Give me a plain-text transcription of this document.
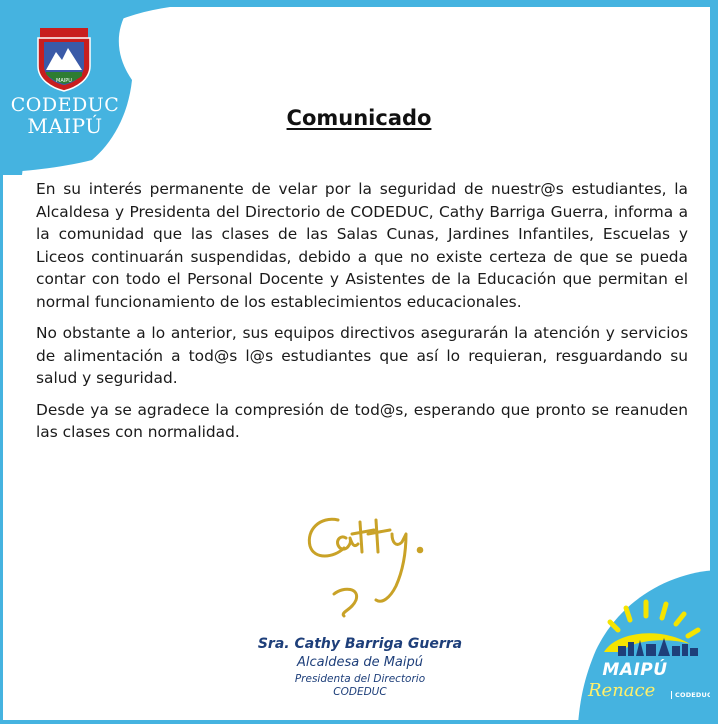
MAIPU
CODEDUC
MAIPÚ	Comunicado

En su interés permanente de velar por la seguridad de nuestr@s estudiantes, la Alcaldesa y Presidenta del Directorio de CODEDUC, Cathy Barriga Guerra, informa a la comunidad que las clases de las Salas Cunas, Jardines Infantiles, Escuelas y Liceos continuarán suspendidas, debido a que no existe certeza de que se pueda contar con todo el Personal Docente y Asistentes de la Educación que permitan el normal funcionamiento de los establecimientos educacionales.

No obstante a lo anterior, sus equipos directivos asegurarán la atención y servicios de alimentación a tod@s l@s estudiantes que así lo requieran, resguardando su salud y seguridad.

Desde ya se agradece la compresión de tod@s, esperando que pronto se reanuden las clases con normalidad.

Sra. Cathy Barriga Guerra
Alcaldesa de Maipú
Presidenta del Directorio
CODEDUC
MAIPÚ
Renace	CODEDUC
